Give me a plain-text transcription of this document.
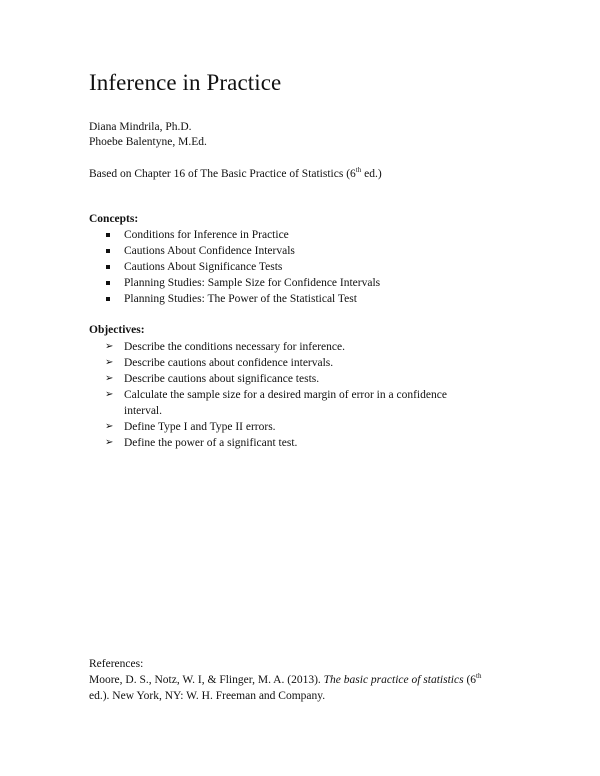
Inference in Practice
Diana Mindrila, Ph.D.
Phoebe Balentyne, M.Ed.
Based on Chapter 16 of The Basic Practice of Statistics (6th ed.)
Concepts:
Conditions for Inference in Practice
Cautions About Confidence Intervals
Cautions About Significance Tests
Planning Studies: Sample Size for Confidence Intervals
Planning Studies: The Power of the Statistical Test
Objectives:
➢ Describe the conditions necessary for inference.
➢ Describe cautions about confidence intervals.
➢ Describe cautions about significance tests.
➢ Calculate the sample size for a desired margin of error in a confidence interval.
➢ Define Type I and Type II errors.
➢ Define the power of a significant test.
References:
Moore, D. S., Notz, W. I, & Flinger, M. A. (2013). The basic practice of statistics (6th
ed.). New York, NY: W. H. Freeman and Company.
